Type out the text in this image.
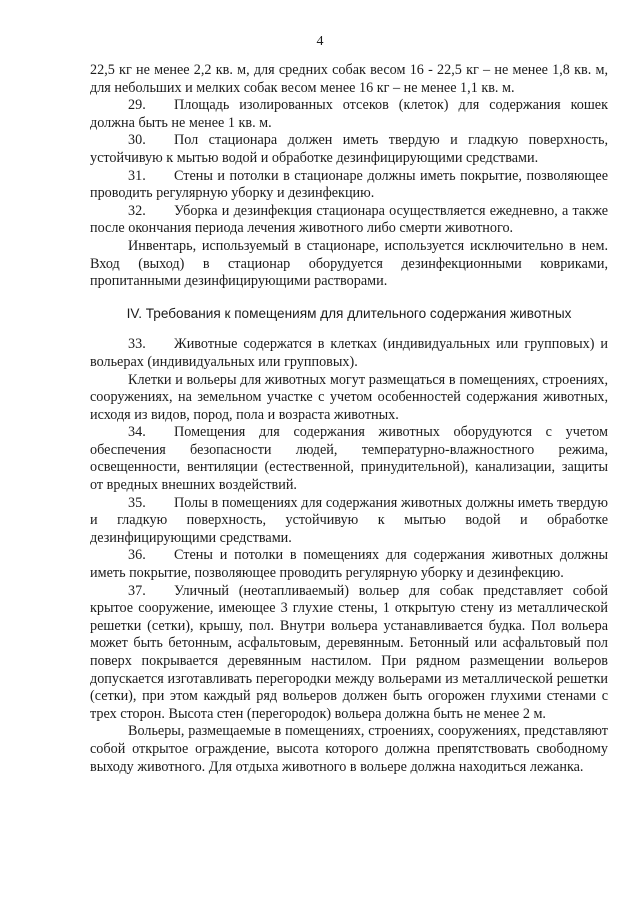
4

22,5 кг не менее 2,2 кв. м, для средних собак весом 16 - 22,5 кг – не менее 1,8 кв. м, для небольших и мелких собак весом менее 16 кг – не менее 1,1 кв. м.

29. Площадь изолированных отсеков (клеток) для содержания кошек должна быть не менее 1 кв. м.

30. Пол стационара должен иметь твердую и гладкую поверхность, устойчивую к мытью водой и обработке дезинфицирующими средствами.

31. Стены и потолки в стационаре должны иметь покрытие, позволяющее проводить регулярную уборку и дезинфекцию.

32. Уборка и дезинфекция стационара осуществляется ежедневно, а также после окончания периода лечения животного либо смерти животного.

Инвентарь, используемый в стационаре, используется исключительно в нем. Вход (выход) в стационар оборудуется дезинфекционными ковриками, пропитанными дезинфицирующими растворами.

IV. Требования к помещениям для длительного содержания животных

33. Животные содержатся в клетках (индивидуальных или групповых) и вольерах (индивидуальных или групповых).

Клетки и вольеры для животных могут размещаться в помещениях, строениях, сооружениях, на земельном участке с учетом особенностей содержания животных, исходя из видов, пород, пола и возраста животных.

34. Помещения для содержания животных оборудуются с учетом обеспечения безопасности людей, температурно-влажностного режима, освещенности, вентиляции (естественной, принудительной), канализации, защиты от вредных внешних воздействий.

35. Полы в помещениях для содержания животных должны иметь твердую и гладкую поверхность, устойчивую к мытью водой и обработке дезинфицирующими средствами.

36. Стены и потолки в помещениях для содержания животных должны иметь покрытие, позволяющее проводить регулярную уборку и дезинфекцию.

37. Уличный (неотапливаемый) вольер для собак представляет собой крытое сооружение, имеющее 3 глухие стены, 1 открытую стену из металлической решетки (сетки), крышу, пол. Внутри вольера устанавливается будка. Пол вольера может быть бетонным, асфальтовым, деревянным. Бетонный или асфальтовый пол поверх покрывается деревянным настилом. При рядном размещении вольеров допускается изготавливать перегородки между вольерами из металлической решетки (сетки), при этом каждый ряд вольеров должен быть огорожен глухими стенами с трех сторон. Высота стен (перегородок) вольера должна быть не менее 2 м.

Вольеры, размещаемые в помещениях, строениях, сооружениях, представляют собой открытое ограждение, высота которого должна препятствовать свободному выходу животного. Для отдыха животного в вольере должна находиться лежанка.
